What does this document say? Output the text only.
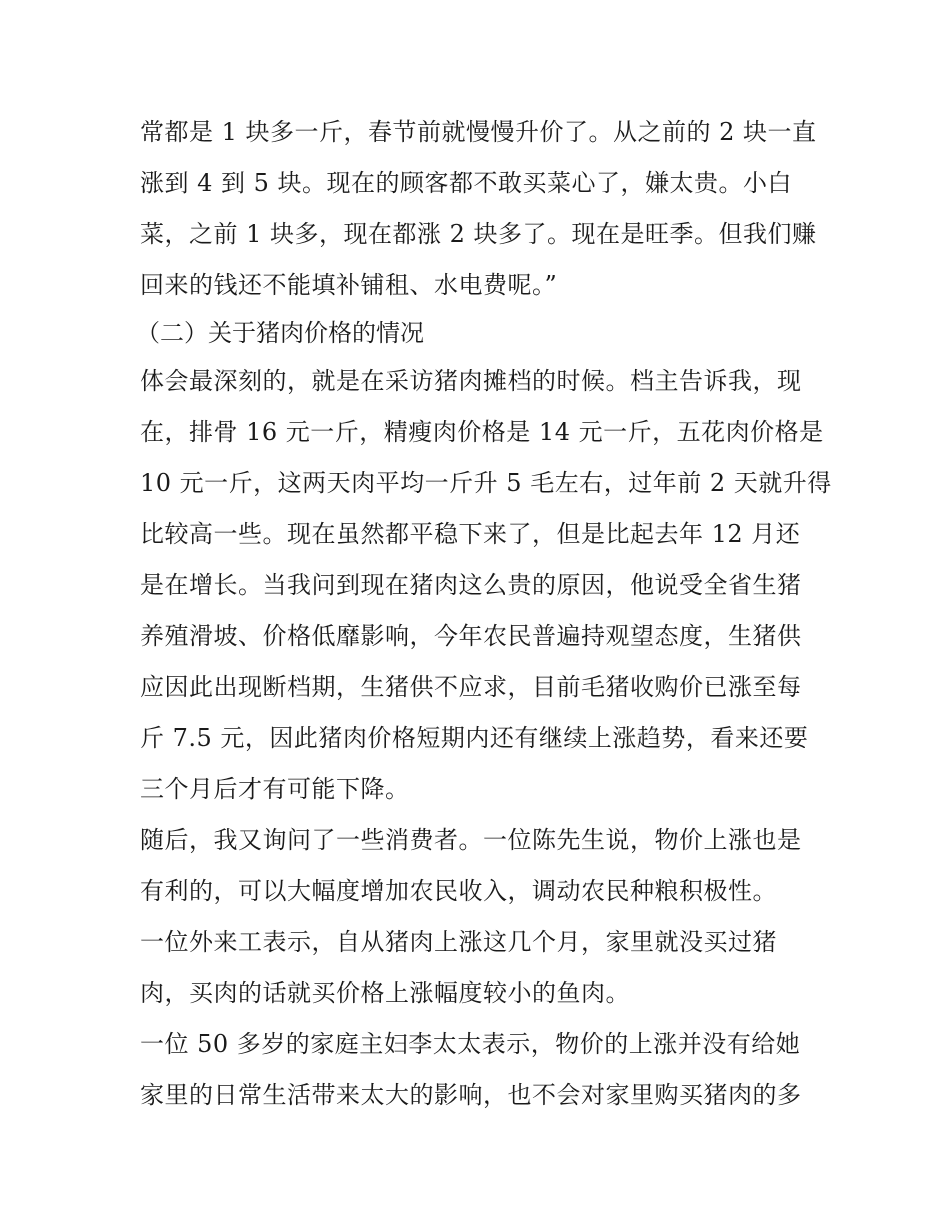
常都是 1 块多一斤，春节前就慢慢升价了。从之前的 2 块一直
涨到 4 到 5 块。现在的顾客都不敢买菜心了，嫌太贵。小白
菜，之前 1 块多，现在都涨 2 块多了。现在是旺季。但我们赚
回来的钱还不能填补铺租、水电费呢。”
（二）关于猪肉价格的情况
体会最深刻的，就是在采访猪肉摊档的时候。档主告诉我，现
在，排骨 16 元一斤，精瘦肉价格是 14 元一斤，五花肉价格是
10 元一斤，这两天肉平均一斤升 5 毛左右，过年前 2 天就升得
比较高一些。现在虽然都平稳下来了，但是比起去年 12 月还
是在增长。当我问到现在猪肉这么贵的原因，他说受全省生猪
养殖滑坡、价格低靡影响，今年农民普遍持观望态度，生猪供
应因此出现断档期，生猪供不应求，目前毛猪收购价已涨至每
斤 7.5 元，因此猪肉价格短期内还有继续上涨趋势，看来还要
三个月后才有可能下降。
随后，我又询问了一些消费者。一位陈先生说，物价上涨也是
有利的，可以大幅度增加农民收入，调动农民种粮积极性。
一位外来工表示，自从猪肉上涨这几个月，家里就没买过猪
肉，买肉的话就买价格上涨幅度较小的鱼肉。
一位 50 多岁的家庭主妇李太太表示，物价的上涨并没有给她
家里的日常生活带来太大的影响，也不会对家里购买猪肉的多
